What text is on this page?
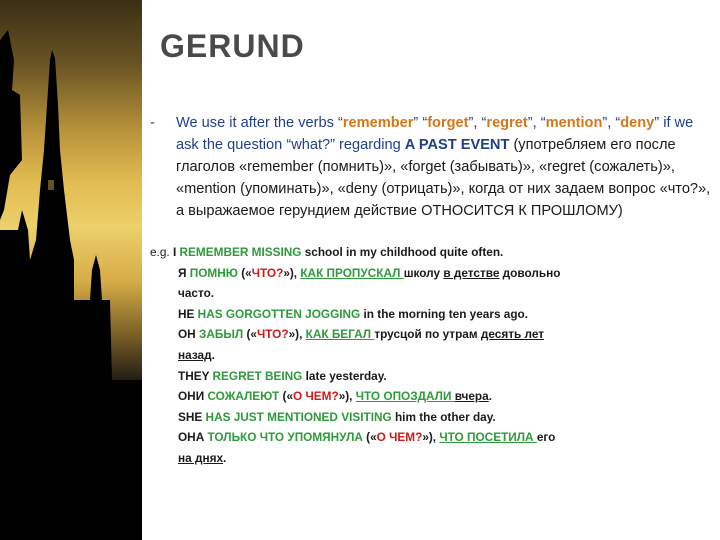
GERUND
- We use it after the verbs “remember” “forget”, “regret”, “mention”, “deny” if we ask the question “what?” regarding A PAST EVENT (употребляем его после глаголов «remember (помнить)», «forget (забывать)», «regret (сожалеть)», «mention (упоминать)», «deny (отрицать)», когда от них задаем вопрос «что?», а выражаемое герундием действие ОТНОСИТСЯ К ПРОШЛОМУ)
e.g. I REMEMBER MISSING school in my childhood quite often.
Я ПОМНЮ («ЧТО?»), КАК ПРОПУСКАЛ школу в детстве довольно
часто.
HE HAS GORGOTTEN JOGGING in the morning ten years ago.
ОН ЗАБЫЛ («ЧТО?»), КАК БЕГАЛ трусцой по утрам десять лет
назад.
THEY REGRET BEING late yesterday.
ОНИ СОЖАЛЕЮТ («О ЧЕМ?»), ЧТО ОПОЗДАЛИ вчера.
SHE HAS JUST MENTIONED VISITING him the other day.
ОНА ТОЛЬКО ЧТО УПОМЯНУЛА («О ЧЕМ?»), ЧТО ПОСЕТИЛА его
на днях.
